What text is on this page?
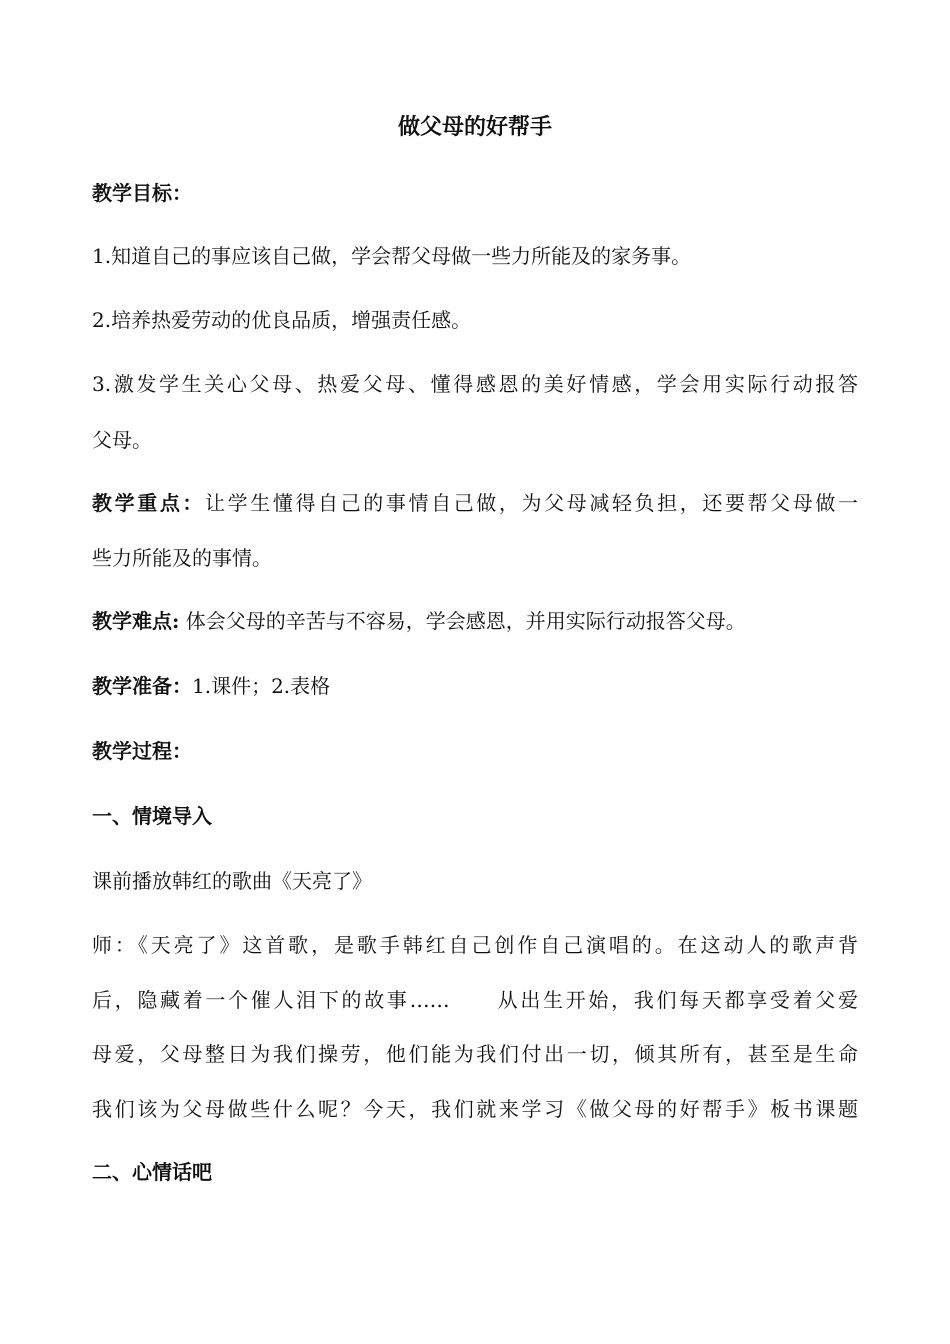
做父母的好帮手
教学目标：
1.知道自己的事应该自己做，学会帮父母做一些力所能及的家务事。
2.培养热爱劳动的优良品质，增强责任感。
3.激发学生关心父母、热爱父母、懂得感恩的美好情感，学会用实际行动报答
父母。
教学重点：让学生懂得自己的事情自己做，为父母减轻负担，还要帮父母做一
些力所能及的事情。
教学难点: 体会父母的辛苦与不容易，学会感恩，并用实际行动报答父母。
教学准备：1.课件；2.表格
教学过程：
一、情境导入
课前播放韩红的歌曲《天亮了》
师：《天亮了》这首歌，是歌手韩红自己创作自己演唱的。在这动人的歌声背
后，隐藏着一个催人泪下的故事……　　从出生开始，我们每天都享受着父爱
母爱，父母整日为我们操劳，他们能为我们付出一切，倾其所有，甚至是生命
我们该为父母做些什么呢？今天，我们就来学习《做父母的好帮手》板书课题
二、心情话吧
